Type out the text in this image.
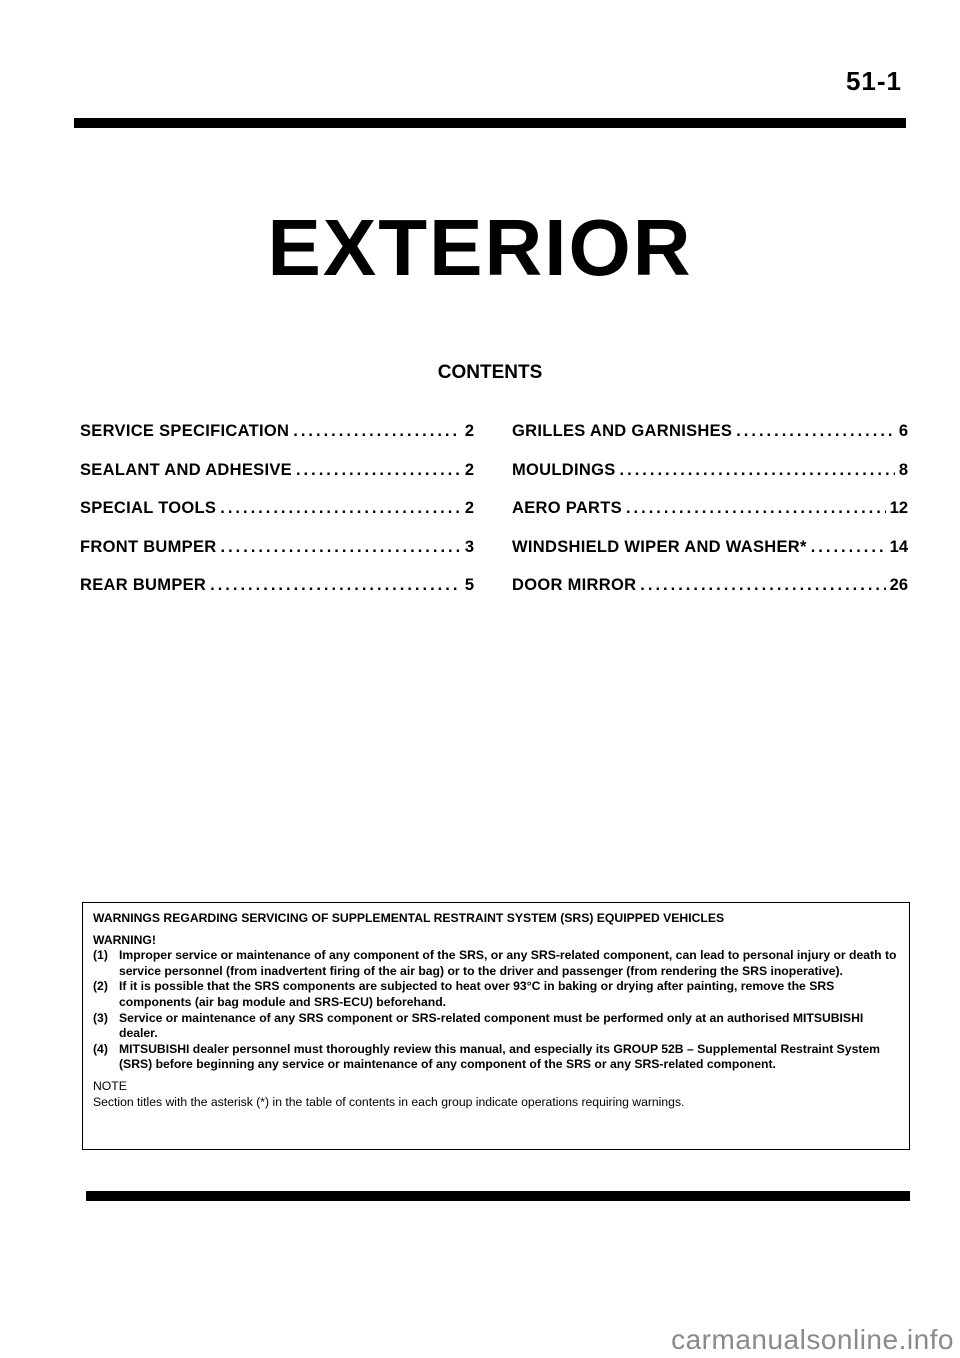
51-1
EXTERIOR
CONTENTS
SERVICE SPECIFICATION .....	2
SEALANT AND ADHESIVE .....	2
SPECIAL TOOLS .....	2
FRONT BUMPER .....	3
REAR BUMPER .....	5
GRILLES AND GARNISHES .....	6
MOULDINGS .....	8
AERO PARTS .....	12
WINDSHIELD WIPER AND WASHER* .....	14
DOOR MIRROR .....	26
WARNINGS REGARDING SERVICING OF SUPPLEMENTAL RESTRAINT SYSTEM (SRS) EQUIPPED VEHICLES
WARNING!
(1) Improper service or maintenance of any component of the SRS, or any SRS-related component, can lead to personal injury or death to service personnel (from inadvertent firing of the air bag) or to the driver and passenger (from rendering the SRS inoperative).
(2) If it is possible that the SRS components are subjected to heat over 93°C in baking or drying after painting, remove the SRS components (air bag module and SRS-ECU) beforehand.
(3) Service or maintenance of any SRS component or SRS-related component must be performed only at an authorised MITSUBISHI dealer.
(4) MITSUBISHI dealer personnel must thoroughly review this manual, and especially its GROUP 52B – Supplemental Restraint System (SRS) before beginning any service or maintenance of any component of the SRS or any SRS-related component.
NOTE
Section titles with the asterisk (*) in the table of contents in each group indicate operations requiring warnings.
carmanualsonline.info
